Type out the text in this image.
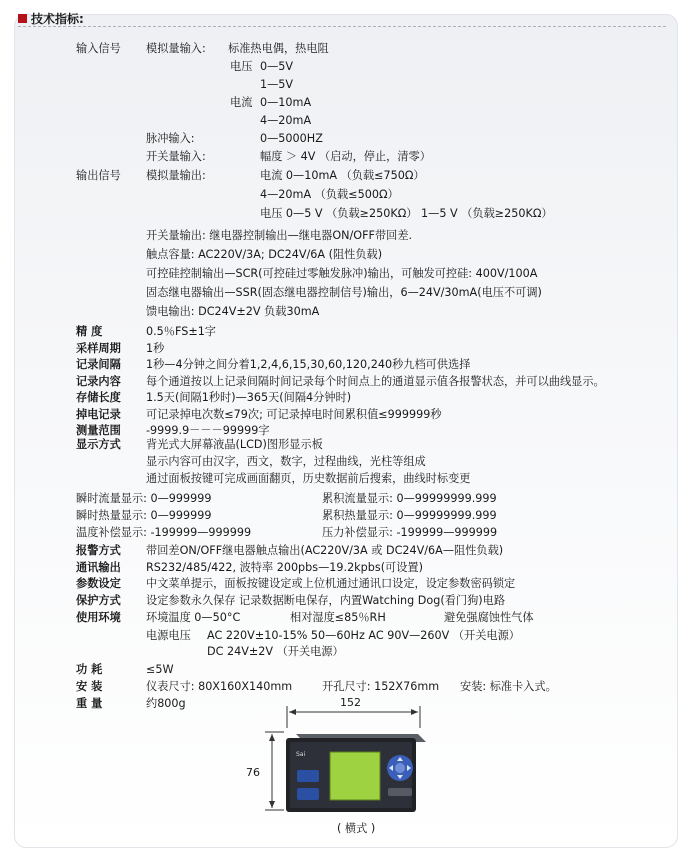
技术指标:
输入信号 模拟量输入: 标准热电偶，热电阻
电压 0—5V
1—5V
电流 0—10mA
4—20mA
脉冲输入:	0—5000HZ
开关量输入:	幅度 ＞ 4V （启动，停止，清零）
输出信号 模拟量输出:	电流 0—10mA （负载≤750Ω）
4—20mA （负载≤500Ω）
电压 0—5 V （负载≥250KΩ） 1—5 V （负载≥250KΩ）
开关量输出: 继电器控制输出—继电器ON/OFF带回差.
触点容量: AC220V/3A; DC24V/6A (阻性负载)
可控硅控制输出—SCR(可控硅过零触发脉冲)输出，可触发可控硅: 400V/100A
固态继电器输出—SSR(固态继电器控制信号)输出，6—24V/30mA(电压不可调)
馈电输出: DC24V±2V 负载30mA
精 度	0.5％FS±1字
采样周期 1秒
记录间隔 1秒—4分钟之间分着1,2,4,6,15,30,60,120,240秒九档可供选择
记录内容 每个通道按以上记录间隔时间记录每个时间点上的通道显示值各报警状态，并可以曲线显示。
存储长度 1.5天(间隔1秒时)—365天(间隔4分钟时)
掉电记录 可记录掉电次数≤79次; 可记录掉电时间累积值≤999999秒
测量范围 -9999.9－－－99999字
显示方式 背光式大屏幕液晶(LCD)图形显示板
显示内容可由汉字，西文，数字，过程曲线，光柱等组成
通过面板按键可完成画面翻页，历史数据前后搜索，曲线时标变更
瞬时流量显示: 0—999999	累积流量显示: 0—99999999.999
瞬时热量显示: 0—999999	累积热量显示: 0—99999999.999
温度补偿显示: -199999—999999	压力补偿显示: -199999—999999
报警方式 带回差ON/OFF继电器触点输出(AC220V/3A 或 DC24V/6A—阻性负载)
通讯输出 RS232/485/422, 波特率 200pbs—19.2kpbs(可设置)
参数设定 中文菜单提示，面板按键设定或上位机通过通讯口设定，设定参数密码锁定
保护方式 设定参数永久保存 记录数据断电保存，内置Watching Dog(看门狗)电路
使用环境 环境温度 0—50°C	相对湿度≤85％RH	避免强腐蚀性气体
电源电压 AC 220V±10-15% 50—60Hz AC 90V—260V （开关电源）
DC 24V±2V （开关电源）
功 耗	≤5W
安 装	仪表尺寸: 80X160X140mm	开孔尺寸: 152X76mm 安装: 标准卡入式。
重 量	约800g
Sai
152
76
( 横式 )
